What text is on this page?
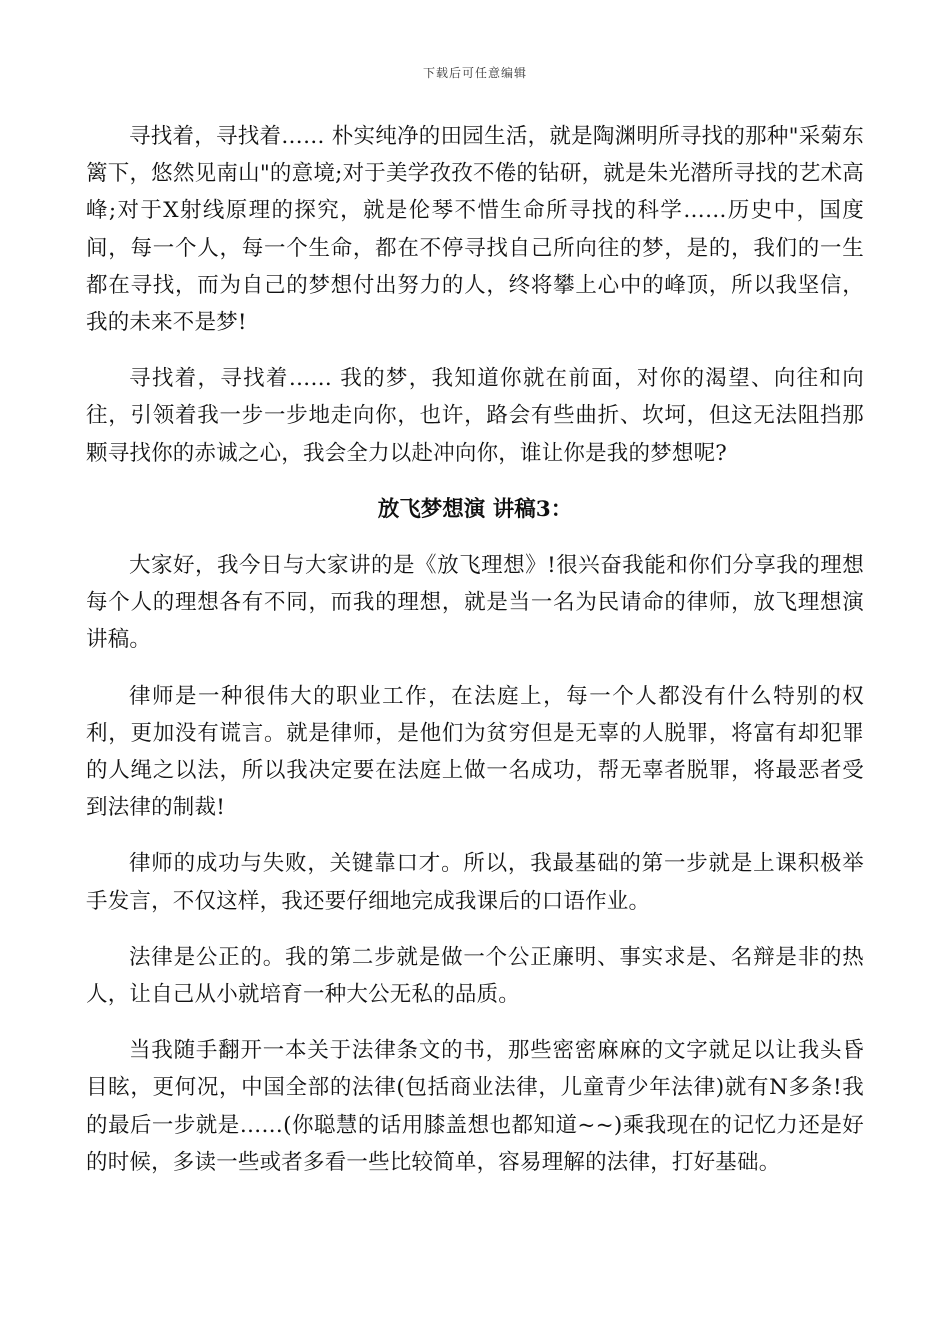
下载后可任意编辑

寻找着，寻找着…… 朴实纯净的田园生活，就是陶渊明所寻找的那种"采菊东篱下，悠然见南山"的意境;对于美学孜孜不倦的钻研，就是朱光潜所寻找的艺术高峰;对于X射线原理的探究，就是伦琴不惜生命所寻找的科学……历史中，国度间，每一个人，每一个生命，都在不停寻找自己所向往的梦，是的，我们的一生都在寻找，而为自己的梦想付出努力的人，终将攀上心中的峰顶，所以我坚信，我的未来不是梦!

寻找着，寻找着…… 我的梦，我知道你就在前面，对你的渴望、向往和向往，引领着我一步一步地走向你，也许，路会有些曲折、坎坷，但这无法阻挡那颗寻找你的赤诚之心，我会全力以赴冲向你，谁让你是我的梦想呢?

放飞梦想演 讲稿3：

大家好，我今日与大家讲的是《放飞理想》!很兴奋我能和你们分享我的理想每个人的理想各有不同，而我的理想，就是当一名为民请命的律师，放飞理想演 讲稿。

律师是一种很伟大的职业工作，在法庭上，每一个人都没有什么特别的权利，更加没有谎言。就是律师，是他们为贫穷但是无辜的人脱罪，将富有却犯罪的人绳之以法，所以我决定要在法庭上做一名成功，帮无辜者脱罪，将最恶者受到法律的制裁!

律师的成功与失败，关键靠口才。所以，我最基础的第一步就是上课积极举手发言，不仅这样，我还要仔细地完成我课后的口语作业。

法律是公正的。我的第二步就是做一个公正廉明、事实求是、名辩是非的热人，让自己从小就培育一种大公无私的品质。

当我随手翻开一本关于法律条文的书，那些密密麻麻的文字就足以让我头昏目眩，更何况，中国全部的法律(包括商业法律，儿童青少年法律)就有N多条!我的最后一步就是……(你聪慧的话用膝盖想也都知道~~)乘我现在的记忆力还是好的时候，多读一些或者多看一些比较简单，容易理解的法律，打好基础。
